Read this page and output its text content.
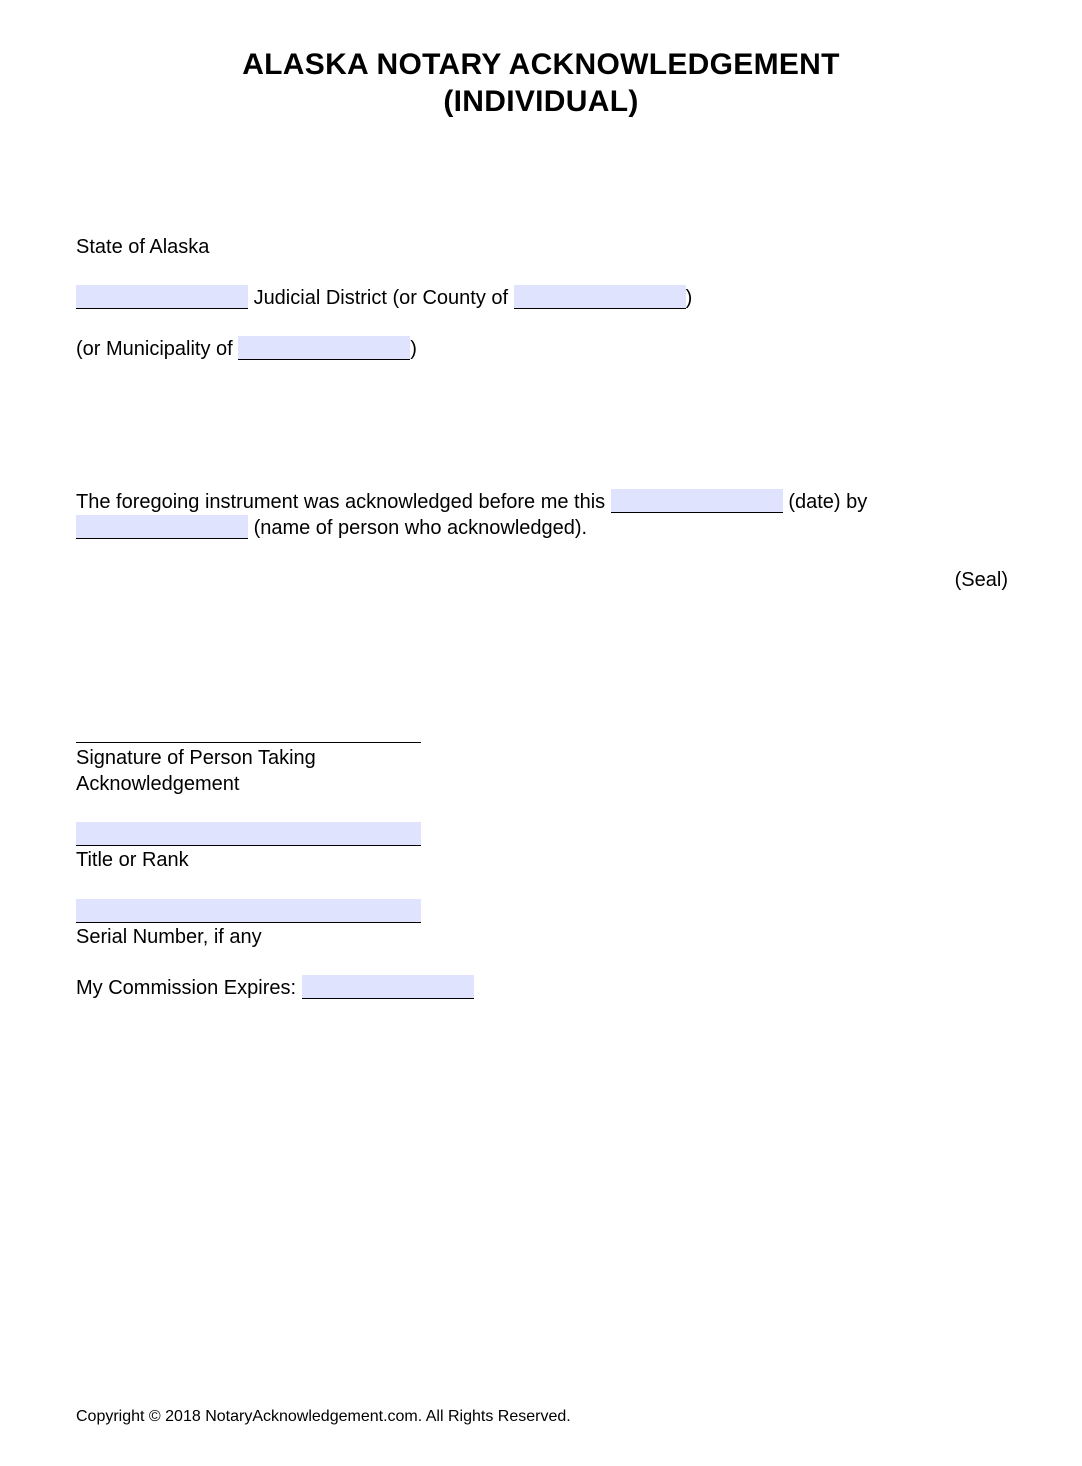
ALASKA NOTARY ACKNOWLEDGEMENT
(INDIVIDUAL)
State of Alaska
Judicial District (or County of	)
(or Municipality of	)
The foregoing instrument was acknowledged before me this	(date) by
(name of person who acknowledged).
(Seal)
Signature of Person Taking
Acknowledgement
Title or Rank
Serial Number, if any
My Commission Expires:
Copyright © 2018 NotaryAcknowledgement.com. All Rights Reserved.
